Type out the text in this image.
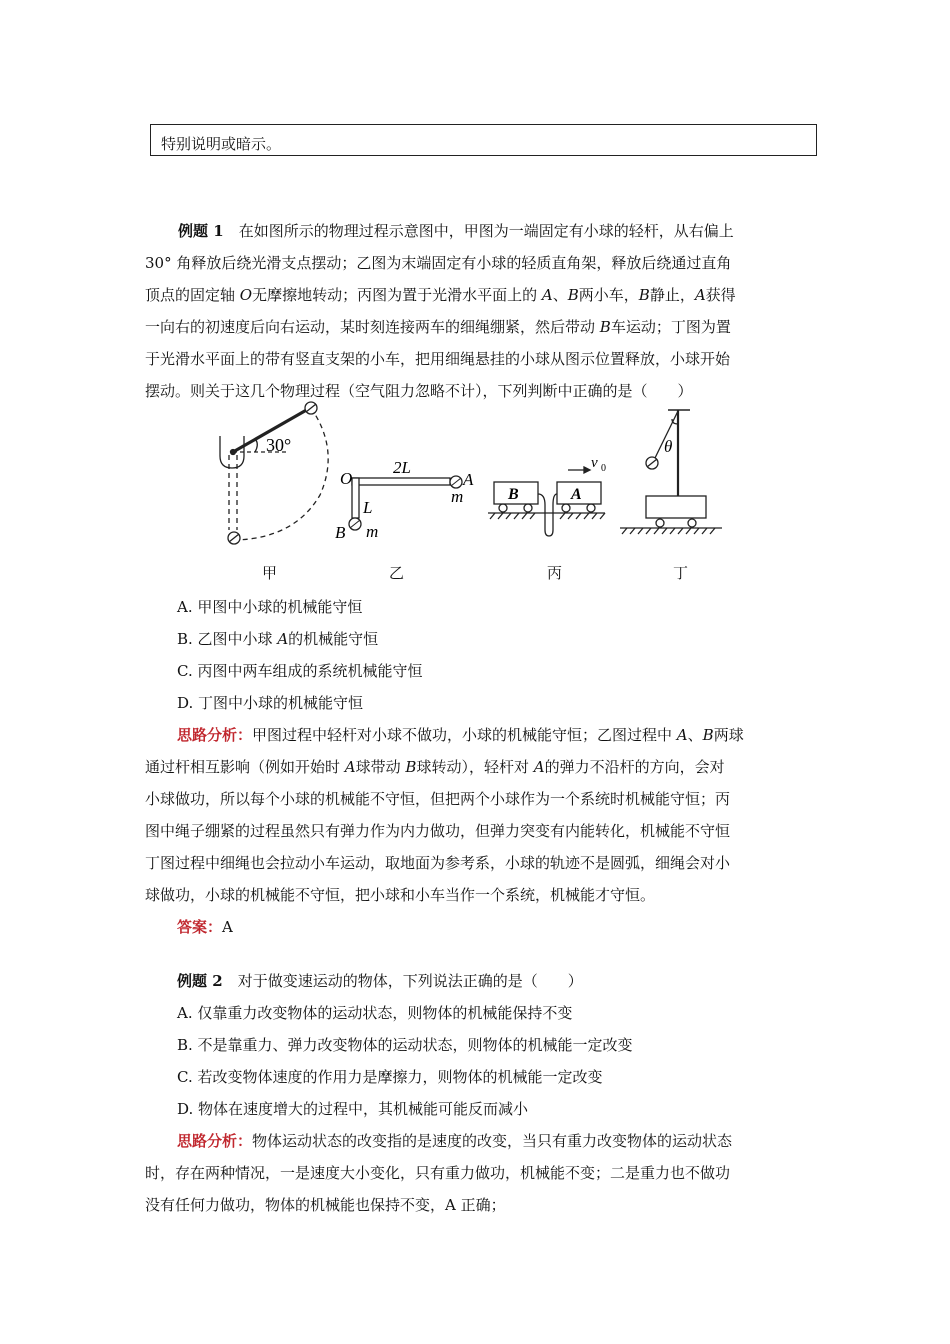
特别说明或暗示。
例题 1　 在如图所示的物理过程示意图中，甲图为一端固定有小球的轻杆，从右偏上
30° 角释放后绕光滑支点摆动；乙图为末端固定有小球的轻质直角架，释放后绕通过直角
顶点的固定轴 O无摩擦地转动；丙图为置于光滑水平面上的 A、B两小车，B静止，A获得
一向右的初速度后向右运动，某时刻连接两车的细绳绷紧，然后带动 B车运动；丁图为置
于光滑水平面上的带有竖直支架的小车，把用细绳悬挂的小球从图示位置释放，小球开始
摆动。则关于这几个物理过程（空气阻力忽略不计），下列判断中正确的是（　　）
30°
O
2L
A
m
L
B m
B	A
v 0
θ
甲	乙	丙	丁
A. 甲图中小球的机械能守恒
B. 乙图中小球 A的机械能守恒
C. 丙图中两车组成的系统机械能守恒
D. 丁图中小球的机械能守恒
思路分析：甲图过程中轻杆对小球不做功，小球的机械能守恒；乙图过程中 A、B两球
通过杆相互影响（例如开始时 A球带动 B球转动），轻杆对 A的弹力不沿杆的方向，会对
小球做功，所以每个小球的机械能不守恒，但把两个小球作为一个系统时机械能守恒；丙
图中绳子绷紧的过程虽然只有弹力作为内力做功，但弹力突变有内能转化，机械能不守恒
丁图过程中细绳也会拉动小车运动，取地面为参考系，小球的轨迹不是圆弧，细绳会对小
球做功，小球的机械能不守恒，把小球和小车当作一个系统，机械能才守恒。
答案：A
例题 2　 对于做变速运动的物体，下列说法正确的是（　　）
A. 仅靠重力改变物体的运动状态，则物体的机械能保持不变
B. 不是靠重力、弹力改变物体的运动状态，则物体的机械能一定改变
C. 若改变物体速度的作用力是摩擦力，则物体的机械能一定改变
D. 物体在速度增大的过程中，其机械能可能反而减小
思路分析：物体运动状态的改变指的是速度的改变，当只有重力改变物体的运动状态
时，存在两种情况，一是速度大小变化，只有重力做功，机械能不变；二是重力也不做功
没有任何力做功，物体的机械能也保持不变，A 正确；
